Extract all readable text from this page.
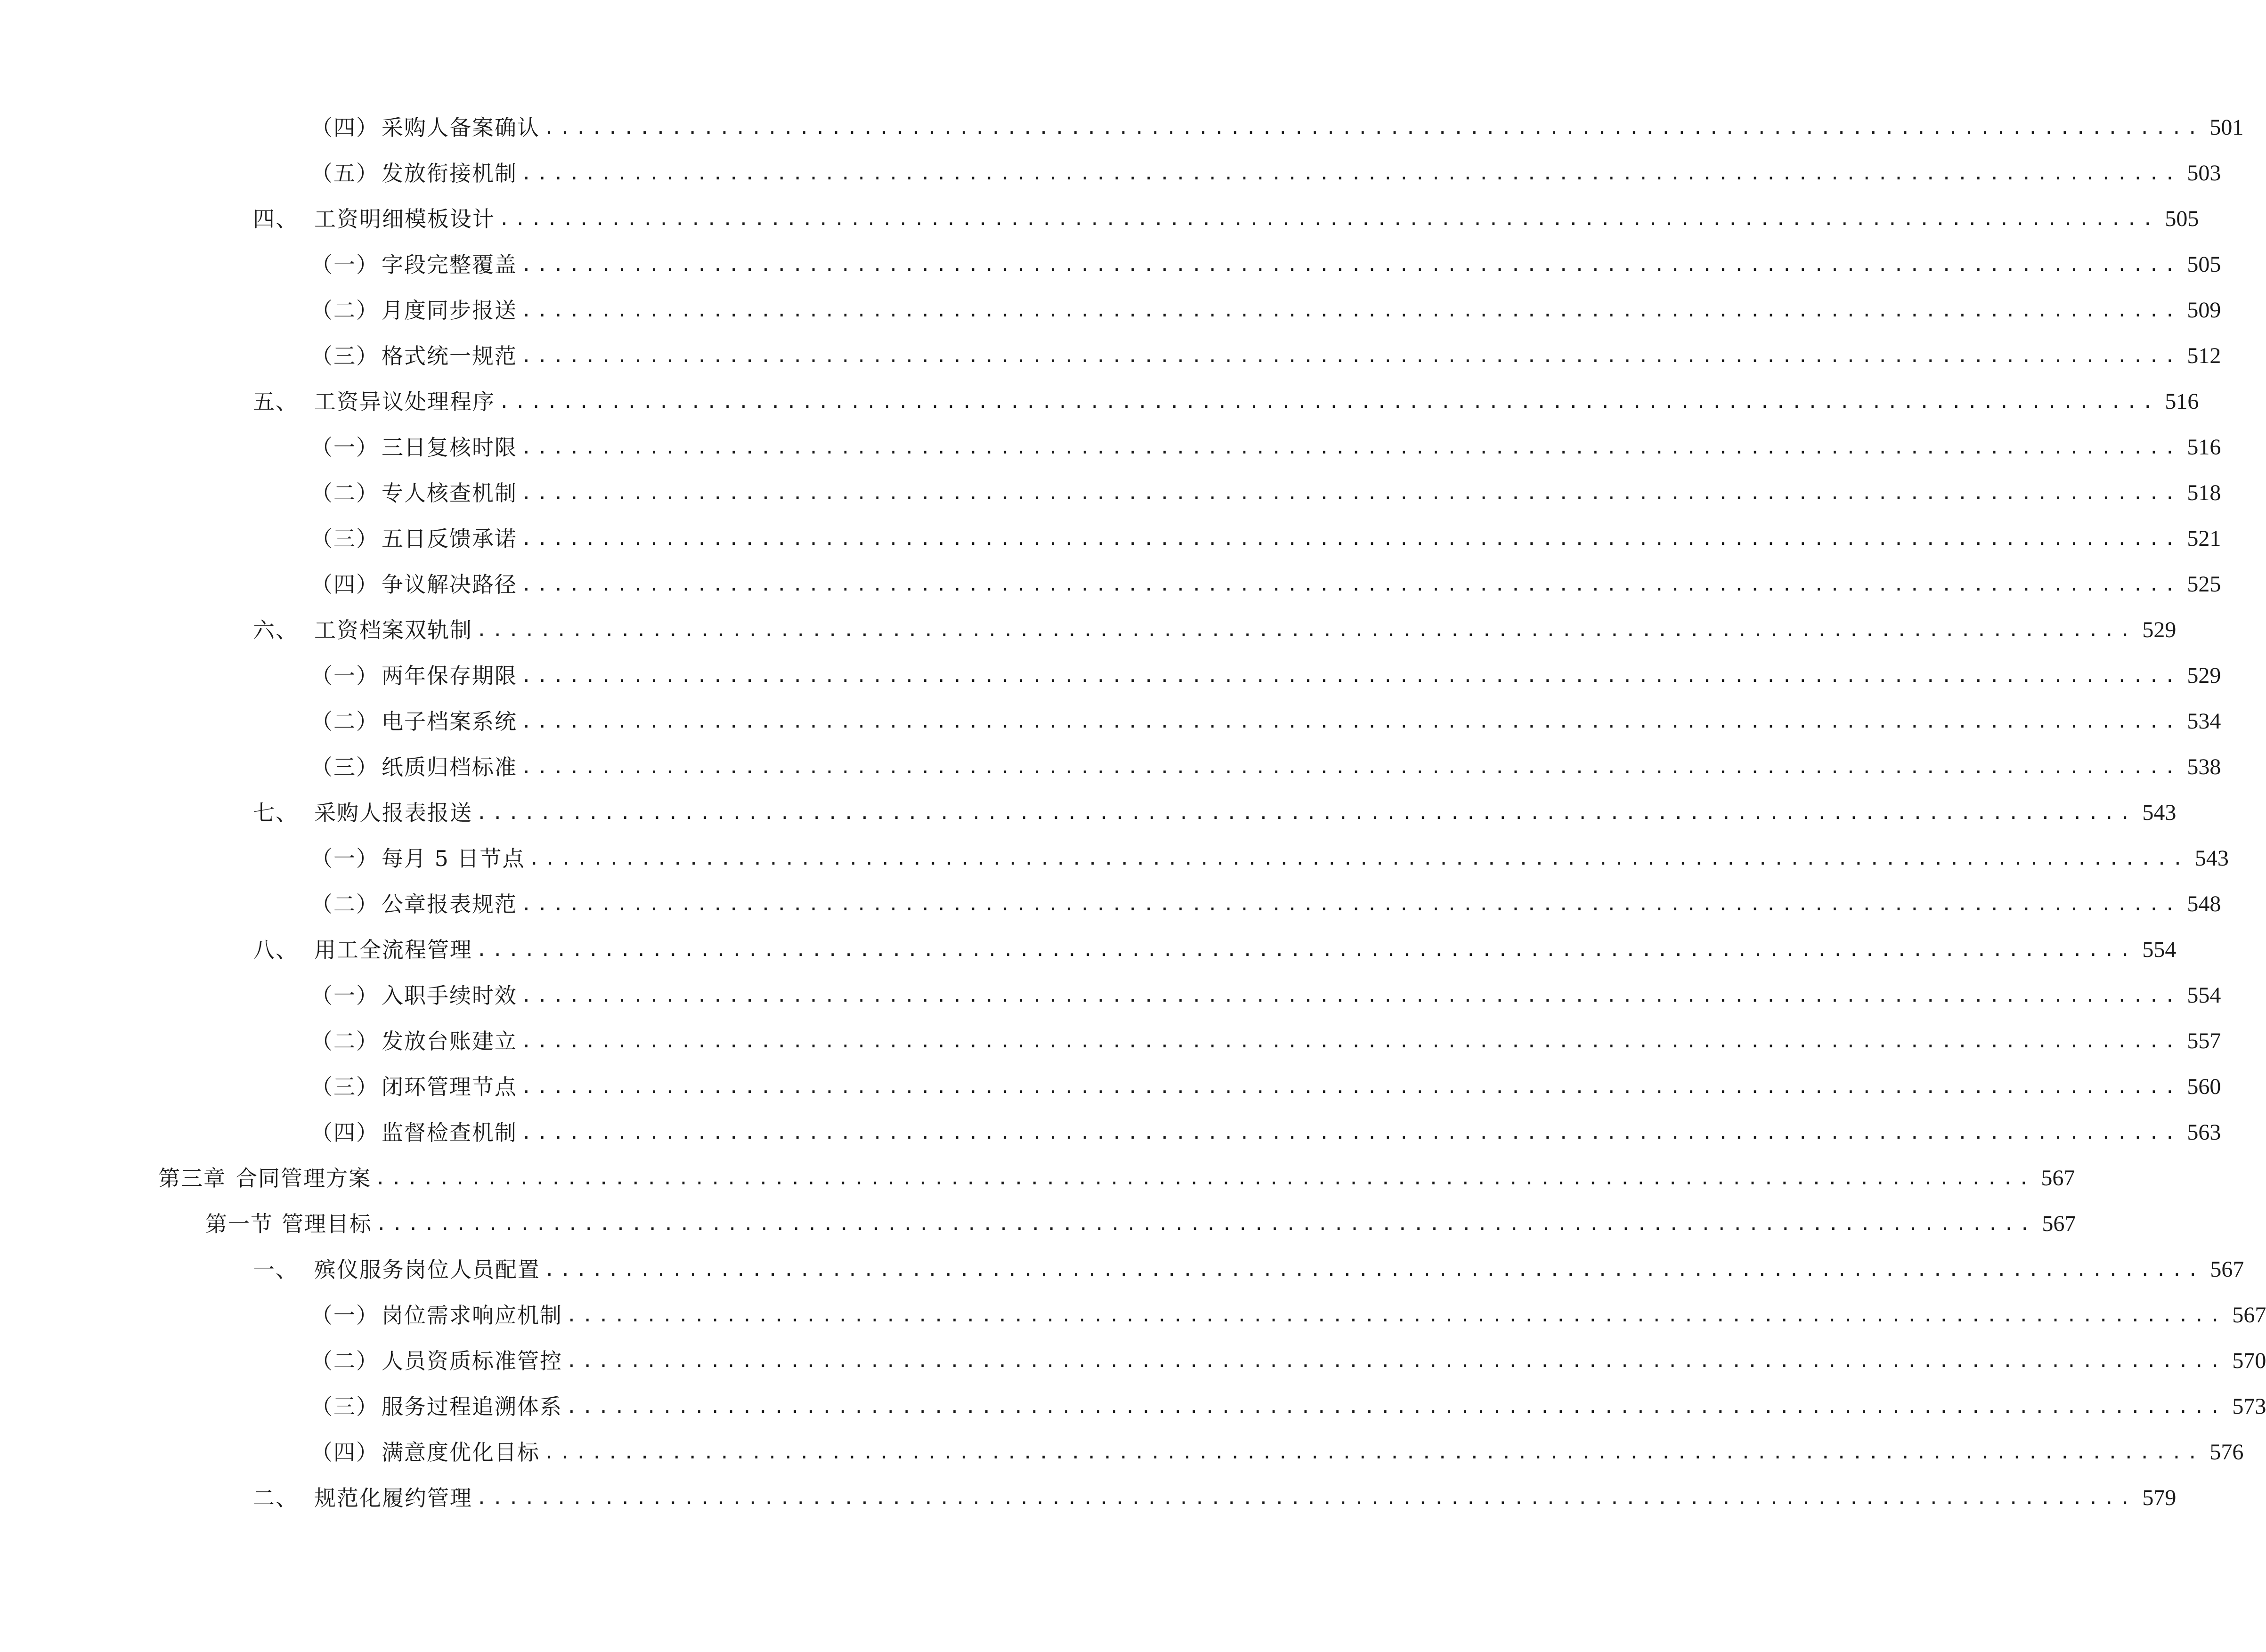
（四） 采购人备案确认 ........................................................................................................ 501
（五） 发放衔接机制 ........................................................................................................ 503
四、 工资明细模板设计 ........................................................................................................ 505
（一） 字段完整覆盖 ........................................................................................................ 505
（二） 月度同步报送 ........................................................................................................ 509
（三） 格式统一规范 ........................................................................................................ 512
五、 工资异议处理程序 ........................................................................................................ 516
（一） 三日复核时限 ........................................................................................................ 516
（二） 专人核查机制 ........................................................................................................ 518
（三） 五日反馈承诺 ........................................................................................................ 521
（四） 争议解决路径 ........................................................................................................ 525
六、 工资档案双轨制 ........................................................................................................ 529
（一） 两年保存期限 ........................................................................................................ 529
（二） 电子档案系统 ........................................................................................................ 534
（三） 纸质归档标准 ........................................................................................................ 538
七、 采购人报表报送 ........................................................................................................ 543
（一） 每月 5 日节点 ........................................................................................................ 543
（二） 公章报表规范 ........................................................................................................ 548
八、 用工全流程管理 ........................................................................................................ 554
（一） 入职手续时效 ........................................................................................................ 554
（二） 发放台账建立 ........................................................................................................ 557
（三） 闭环管理节点 ........................................................................................................ 560
（四） 监督检查机制 ........................................................................................................ 563
第三章 合同管理方案 ........................................................................................................ 567
第一节 管理目标 ........................................................................................................ 567
一、 殡仪服务岗位人员配置 ........................................................................................................ 567
（一） 岗位需求响应机制 ........................................................................................................ 567
（二） 人员资质标准管控 ........................................................................................................ 570
（三） 服务过程追溯体系 ........................................................................................................ 573
（四） 满意度优化目标 ........................................................................................................ 576
二、 规范化履约管理 ........................................................................................................ 579
